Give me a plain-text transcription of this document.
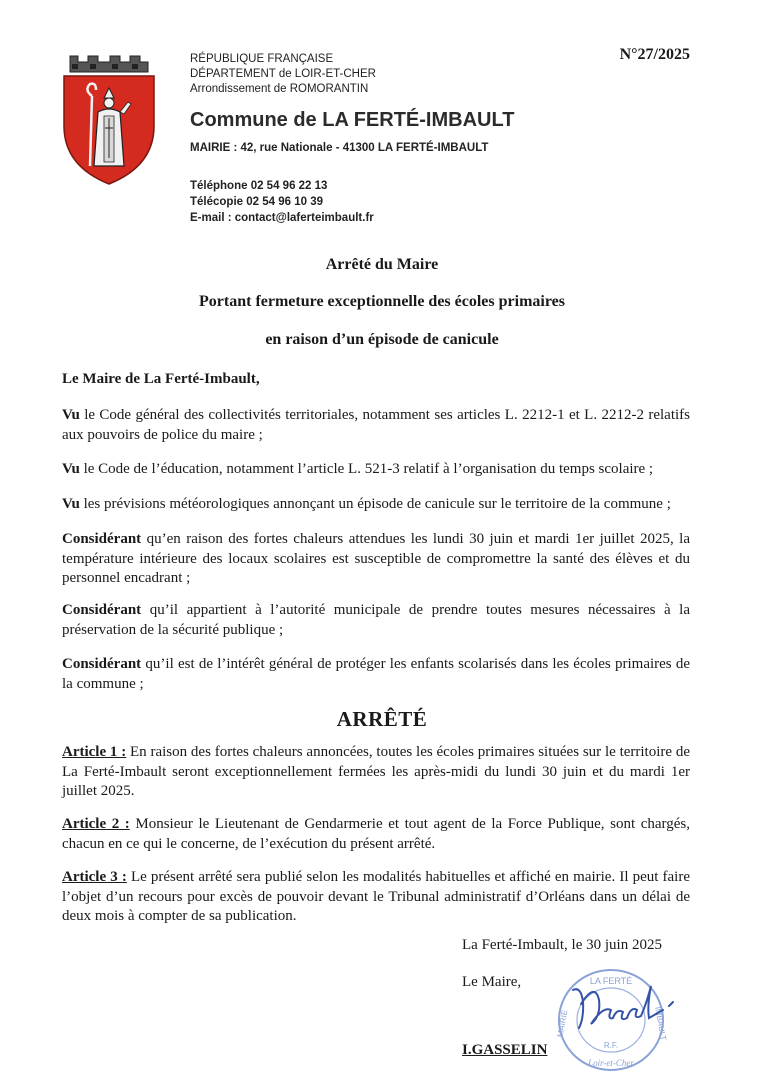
RÉPUBLIQUE FRANÇAISE
DÉPARTEMENT de LOIR-ET-CHER
Arrondissement de ROMORANTIN
Commune de LA FERTÉ-IMBAULT
MAIRIE : 42, rue Nationale - 41300 LA FERTÉ-IMBAULT
Téléphone 02 54 96 22 13
Télécopie 02 54 96 10 39
E-mail : contact@laferteimbault.fr
N°27/2025
Arrêté du Maire
Portant fermeture exceptionnelle des écoles primaires
en raison d’un épisode de canicule
Le Maire de La Ferté-Imbault,
Vu le Code général des collectivités territoriales, notamment ses articles L. 2212-1 et L. 2212-2 relatifs aux pouvoirs de police du maire ;
Vu le Code de l’éducation, notamment l’article L. 521-3 relatif à l’organisation du temps scolaire ;
Vu les prévisions météorologiques annonçant un épisode de canicule sur le territoire de la commune ;
Considérant qu’en raison des fortes chaleurs attendues les lundi 30 juin et mardi 1er juillet 2025, la température intérieure des locaux scolaires est susceptible de compromettre la santé des élèves et du personnel encadrant ;
Considérant qu’il appartient à l’autorité municipale de prendre toutes mesures nécessaires à la préservation de la sécurité publique ;
Considérant qu’il est de l’intérêt général de protéger les enfants scolarisés dans les écoles primaires de la commune ;
ARRÊTÉ
Article 1 : En raison des fortes chaleurs annoncées, toutes les écoles primaires situées sur le territoire de La Ferté-Imbault seront exceptionnellement fermées les après-midi du lundi 30 juin et du mardi 1er juillet 2025.
Article 2 : Monsieur le Lieutenant de Gendarmerie et tout agent de la Force Publique, sont chargés, chacun en ce qui le concerne, de l’exécution du présent arrêté.
Article 3 : Le présent arrêté sera publié selon les modalités habituelles et affiché en mairie. Il peut faire l’objet d’un recours pour excès de pouvoir devant le Tribunal administratif d’Orléans dans un délai de deux mois à compter de sa publication.
La Ferté-Imbault, le 30 juin 2025
Le Maire,	LA FERTÉ
MAIRIE	IMBAULT
R.F.
Loir-et-Cher
I.GASSELIN
